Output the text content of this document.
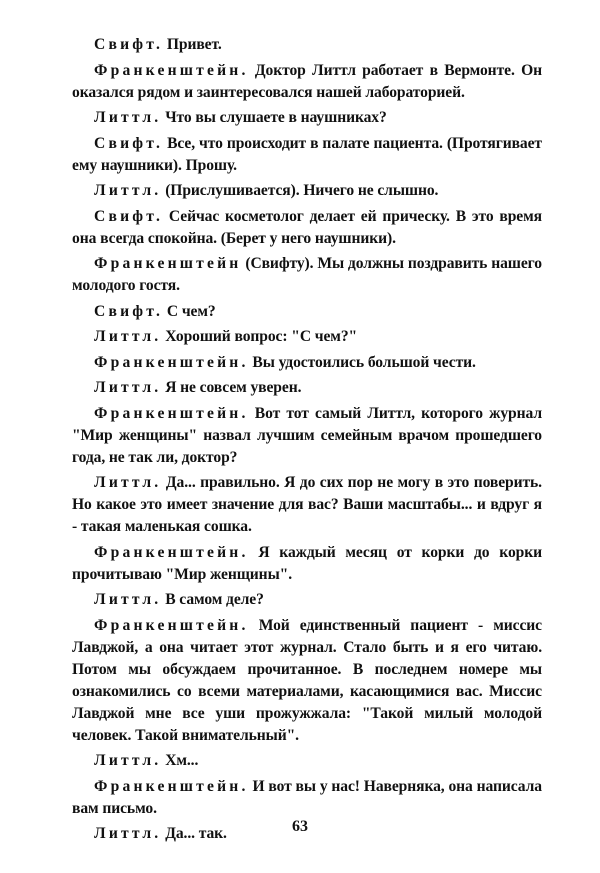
Свифт. Привет.

Франкенштейн. Доктор Литтл работает в Вермонте. Он оказался рядом и заинтересовался нашей лабораторией.

Литтл. Что вы слушаете в наушниках?

Свифт. Все, что происходит в палате пациента. (Протягивает ему наушники). Прошу.

Литтл. (Прислушивается). Ничего не слышно.

Свифт. Сейчас косметолог делает ей прическу. В это время она всегда спокойна. (Берет у него наушники).

Франкенштейн (Свифту). Мы должны поздравить нашего молодого гостя.

Свифт. С чем?

Литтл. Хороший вопрос: "С чем?"

Франкенштейн. Вы удостоились большой чести.

Литтл. Я не совсем уверен.

Франкенштейн. Вот тот самый Литтл, которого журнал "Мир женщины" назвал лучшим семейным врачом прошедшего года, не так ли, доктор?

Литтл. Да... правильно. Я до сих пор не могу в это поверить. Но какое это имеет значение для вас? Ваши масштабы... и вдруг я - такая маленькая сошка.

Франкенштейн. Я каждый месяц от корки до корки прочитываю "Мир женщины".

Литтл. В самом деле?

Франкенштейн. Мой единственный пациент - миссис Лавджой, а она читает этот журнал. Стало быть и я его читаю. Потом мы обсуждаем прочитанное. В последнем номере мы ознакомились со всеми материалами, касающимися вас. Миссис Лавджой мне все уши прожужжала: "Такой милый молодой человек. Такой внимательный".

Литтл. Хм...

Франкенштейн. И вот вы у нас! Наверняка, она написала вам письмо.

Литтл. Да... так.	63
